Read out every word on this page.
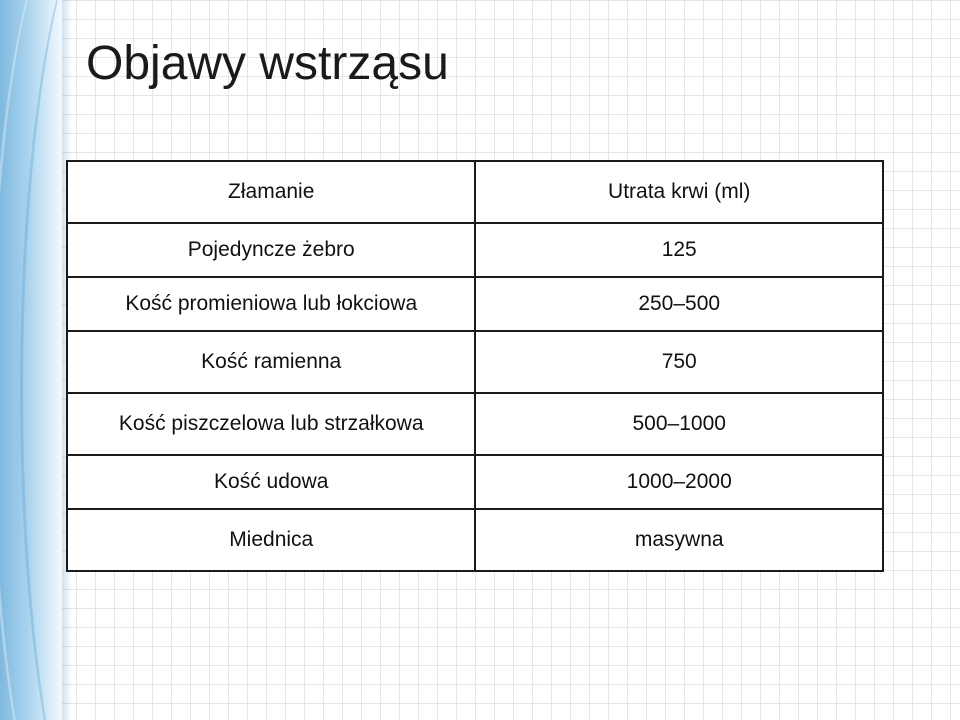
Objawy wstrząsu
Złamanie	Utrata krwi (ml)
Pojedyncze żebro	125
Kość promieniowa lub łokciowa	250–500
Kość ramienna	750
Kość piszczelowa lub strzałkowa	500–1000
Kość udowa	1000–2000
Miednica	masywna
